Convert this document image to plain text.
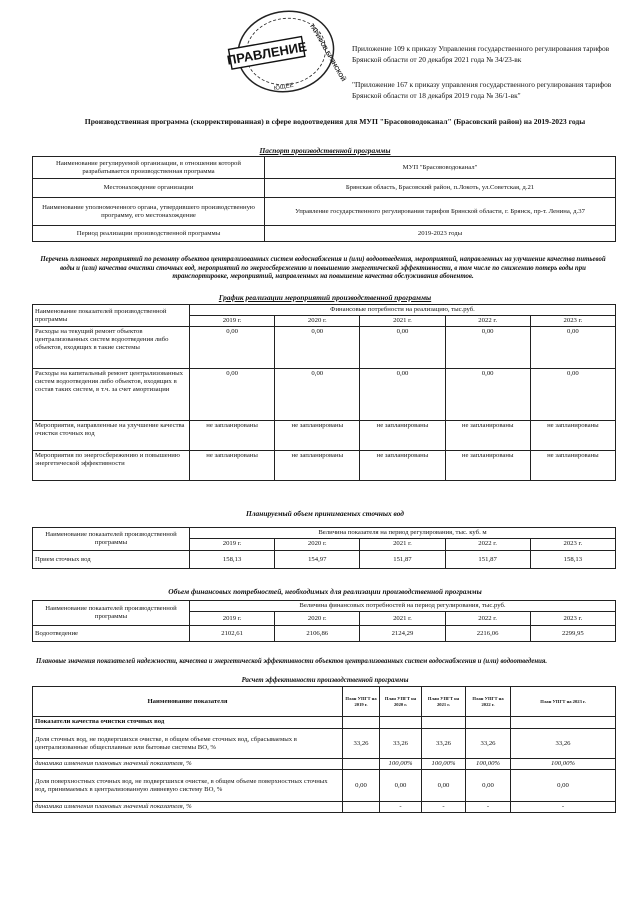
ПРАВЛЕНИЕ ТАРИФОВ БРЯНСКОЙ
ЮЩЕЕ
Приложение 109 к приказу Управления государственного регулирования тарифов Брянской области от 20 декабря 2021 года № 34/23-вк
"Приложение 167 к приказу управления государственного регулирования тарифов Брянской области от 18 декабря 2019 года № 36/1-вк"
Производственная программа (скорректированная) в сфере водоотведения для МУП "Брасововодоканал" (Брасовский район) на 2019-2023 годы
Паспорт производственной программы
Наименование регулируемой организации, в отношении которой разрабатывается производственная программа	МУП "Брасововодоканал"
Местонахождение организации	Брянская область, Брасовский район, п.Локоть, ул.Советская, д.21
Наименование уполномоченного органа, утвердившего производственную программу, его местонахождение	Управление государственного регулирования тарифов Брянской области, г. Брянск, пр-т. Ленина, д.37
Период реализации производственной программы	2019-2023 годы
Перечень плановых мероприятий по ремонту объектов централизованных систем водоснабжения и (или) водоотведения, мероприятий, направленных на улучшение качества питьевой воды и (или) качества очистки сточных вод, мероприятий по энергосбережению и повышению энергетической эффективности, в том числе по снижению потерь воды при транспортировке, мероприятий, направленных на повышение качества обслуживания абонентов.
График реализации мероприятий производственной программы
Наименование показателей производственной программы	Финансовые потребности на реализацию, тыс.руб.				
	2019 г.	2020 г.	2021 г.	2022 г.	2023 г.
Расходы на текущий ремонт объектов централизованных систем водоотведения либо объектов, входящих в такие системы	0,00	0,00	0,00	0,00	0,00
Расходы на капитальный ремонт централизованных систем водоотведения либо объектов, входящих в состав таких систем, в т.ч. за счет амортизации	0,00	0,00	0,00	0,00	0,00
Мероприятия, направленные на улучшение качества очистки сточных вод	не запланированы	не запланированы	не запланированы	не запланированы	не запланированы
Мероприятия по энергосбережению и повышению энергетической эффективности	не запланированы	не запланированы	не запланированы	не запланированы	не запланированы
Планируемый объем принимаемых сточных вод
Наименование показателей производственной программы	Величина показателя на период регулирования, тыс. куб. м				
	2019 г.	2020 г.	2021 г.	2022 г.	2023 г.
Прием сточных вод	158,13	154,97	151,87	151,87	158,13
Объем финансовых потребностей, необходимых для реализации производственной программы
Наименование показателей производственной программы	Величина финансовых потребностей на период регулирования, тыс.руб.				
	2019 г.	2020 г.	2021 г.	2022 г.	2023 г.
Водоотведение	2102,61	2106,86	2124,29	2216,06	2299,95
Плановые значения показателей надежности, качества и энергетической эффективности объектов централизованных систем водоснабжения и (или) водоотведения.
Расчет эффективности производственной программы
Наименование показателя	План УПГТ на 2019 г.	План УПГТ на 2020 г.	План УПГТ на 2021 г.	План УПГТ на 2022 г.	План УПГТ на 2023 г.
Показатели качества очистки сточных вод					
Доля сточных вод, не подвергшихся очистке, в общем объеме сточных вод, сбрасываемых в централизованные общесплавные или бытовые системы ВО, %	33,26	33,26	33,26	33,26	33,26
динамика изменения плановых значений показателя, %		100,00%	100,00%	100,00%	100,00%
Доля поверхностных сточных вод, не подвергшихся очистке, в общем объеме поверхностных сточных вод, принимаемых в централизованную ливневую систему ВО, %	0,00	0,00	0,00	0,00	0,00
динамика изменения плановых значений показателя, %		-	-	-	-
